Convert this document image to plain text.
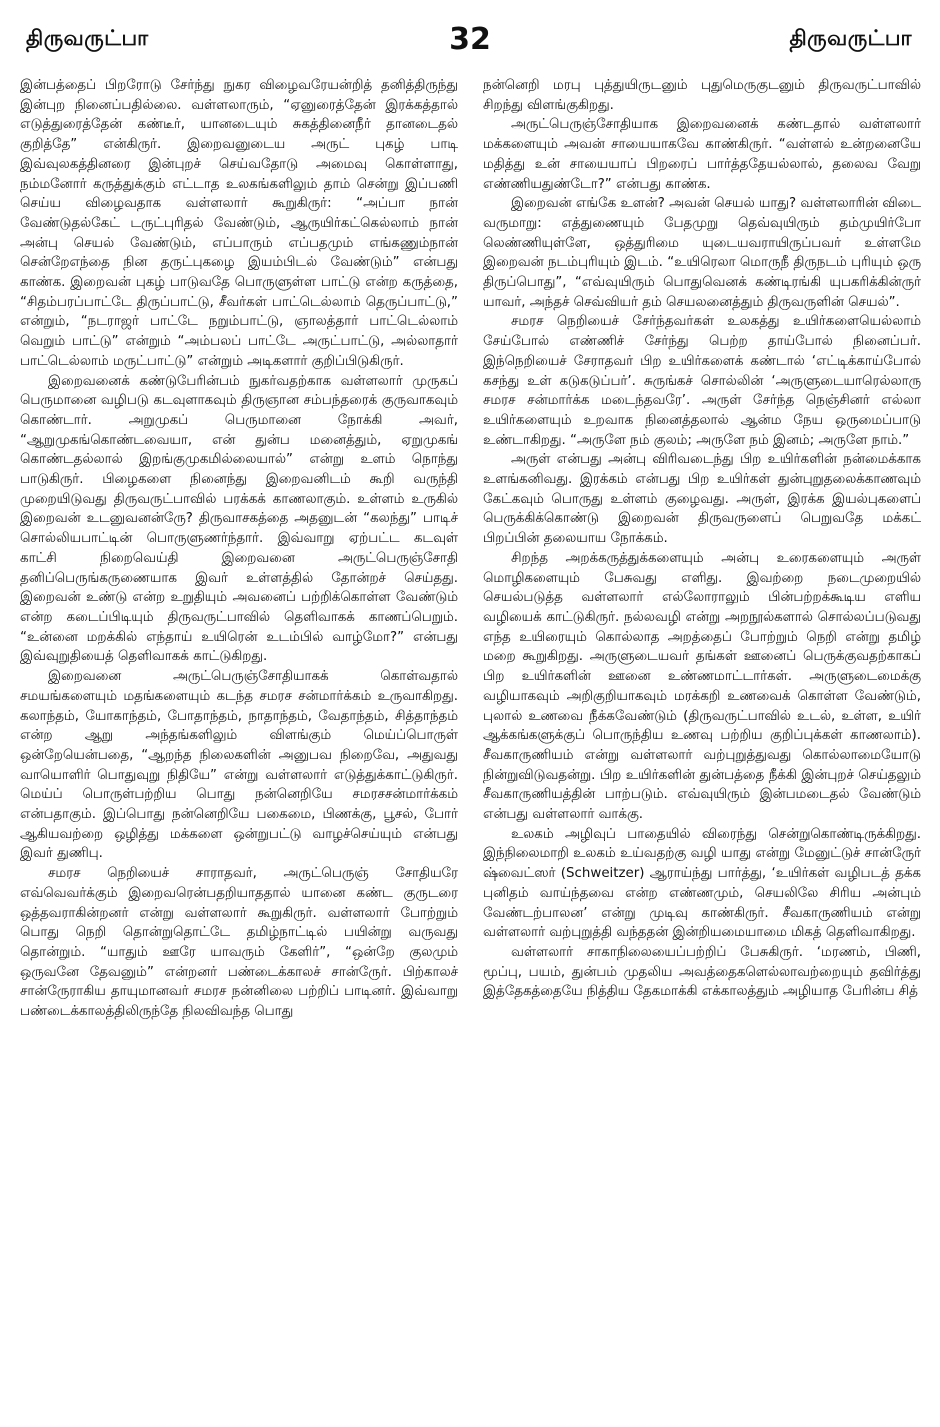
திருவருட்பா	32	திருவருட்பா

இன்பத்தைப் பிறரோடு சேர்ந்து நுகர விழைவரேயன்றித் தனித்திருந்து இன்புற நினைப்பதில்லை. வள்ளலாரும், “ஏனுரைத்தேன் இரக்கத்தால் எடுத்துரைத்தேன் கண்டீர், யானடையும் சுகத்தினைநீர் தானடைதல் குறித்தே” என்கிருர். இறைவனுடைய அருட் புகழ் பாடி இவ்வுலகத்தினரை இன்புறச் செய்வதோடு அமைவு கொள்ளாது, நம்மனோர் கருத்துக்கும் எட்டாத உலகங்களிலும் தாம் சென்று இப்பணி செய்ய விழைவதாக வள்ளலார் கூறுகிருர்: “அப்பா நான் வேண்டுதல்கேட் டருட்புரிதல் வேண்டும், ஆருயிர்கட்கெல்லாம் நான் அன்பு செயல் வேண்டும், எப்பாரும் எப்பதமும் எங்கணும்நான் சென்றேஎந்தை நின தருட்புகழை இயம்பிடல் வேண்டும்” என்பது காண்க. இறைவன் புகழ் பாடுவதே பொருளுள்ள பாட்டு என்ற கருத்தை, “சிதம்பரப்பாட்டே திருப்பாட்டு, சீவர்கள் பாட்டெல்லாம் தெருப்பாட்டு,” என்றும், “நடராஜர் பாட்டே நறும்பாட்டு, ஞாலத்தார் பாட்டெல்லாம் வெறும் பாட்டு” என்றும் “அம்பலப் பாட்டே அருட்பாட்டு, அல்லாதார் பாட்டெல்லாம் மருட்பாட்டு” என்றும் அடிகளார் குறிப்பிடுகிருர்.

இறைவனைக் கண்டுபேரின்பம் நுகர்வதற்காக வள்ளலார் முருகப் பெருமானை வழிபடு கடவுளாகவும் திருஞான சம்பந்தரைக் குருவாகவும் கொண்டார். அறுமுகப் பெருமானை நோக்கி அவர், “ஆறுமுகங்கொண்டவையா, என் துன்ப மனைத்தும், ஏறுமுகங் கொண்டதல்லால் இறங்குமுகமில்லையால்” என்று உளம் நொந்து பாடுகிருர். பிழைகளை நினைந்து இறைவனிடம் கூறி வருந்தி முறையிடுவது திருவருட்பாவில் பரக்கக் காணலாகும். உள்ளம் உருகில் இறைவன் உடனுவனன்ருே? திருவாசகத்தை அதனுடன் “கலந்து” பாடிச் சொல்லியபாட்டின் பொருளுணர்ந்தார். இவ்வாறு ஏற்பட்ட கடவுள் காட்சி நிறைவெய்தி இறைவனை அருட்பெருஞ்சோதி தனிப்பெருங்கருணையாக இவர் உள்ளத்தில் தோன்றச் செய்தது. இறைவன் உண்டு என்ற உறுதியும் அவனைப் பற்றிக்கொள்ள வேண்டும் என்ற கடைப்பிடியும் திருவருட்பாவில் தெளிவாகக் காணப்பெறும். “உன்னை மறக்கில் எந்தாய் உயிரென் உடம்பில் வாழ்மோ?” என்பது இவ்வுறுதியைத் தெளிவாகக் காட்டுகிறது.

இறைவனை அருட்பெருஞ்சோதியாகக் கொள்வதால் சமயங்களையும் மதங்களையும் கடந்த சமரச சன்மார்க்கம் உருவாகிறது. கலாந்தம், யோகாந்தம், போதாந்தம், நாதாந்தம், வேதாந்தம், சித்தாந்தம் என்ற ஆறு அந்தங்களிலும் விளங்கும் மெய்ப்பொருள் ஒன்றேயென்பதை, “ஆறந்த நிலைகளின் அனுபவ நிறைவே, அதுவது வாயொளிர் பொதுவுறு நிதியே” என்று வள்ளலார் எடுத்துக்காட்டுகிருர். மெய்ப் பொருள்பற்றிய பொது நன்னெறியே சமரசசன்மார்க்கம் என்பதாகும். இப்பொது நன்னெறியே பகைமை, பிணக்கு, பூசல், போர் ஆகியவற்றை ஒழித்து மக்களை ஒன்றுபட்டு வாழச்செய்யும் என்பது இவர் துணிபு.

சமரச நெறியைச் சாராதவர், அருட்பெருஞ் சோதியரே எவ்வெவர்க்கும் இறைவரென்பதறியாததால் யானை கண்ட குருடரை ஒத்தவராகின்றனர் என்று வள்ளலார் கூறுகிருர். வள்ளலார் போற்றும் பொது நெறி தொன்றுதொட்டே தமிழ்நாட்டில் பயின்று வருவது தொன்றும். “யாதும் ஊரே யாவரும் கேளிர்”, “ஒன்றே குலமும் ஒருவனே தேவனும்” என்றனர் பண்டைக்காலச் சான்ருேர். பிற்காலச் சான்ருேராகிய தாயுமானவர் சமரச நன்னிலை பற்றிப் பாடினர். இவ்வாறு பண்டைக்காலத்திலிருந்தே நிலவிவந்த பொது

நன்னெறி மரபு புத்துயிருடனும் புதுமெருகுடனும் திருவருட்பாவில் சிறந்து விளங்குகிறது.

அருட்பெருஞ்சோதியாக இறைவனைக் கண்டதால் வள்ளலார் மக்களையும் அவன் சாயையாகவே காண்கிருர். “வள்ளல் உன்றனையே மதித்து உன் சாயையாப் பிறரைப் பார்த்ததேயல்லால், தலைவ வேறு எண்ணியதுண்டோ?” என்பது காண்க.

இறைவன் எங்கே உளன்? அவன் செயல் யாது? வள்ளலாரின் விடை வருமாறு: எத்துணையும் பேதமுறு தெவ்வுயிரும் தம்முயிர்போ லெண்ணியுள்ளே, ஒத்துரிமை யுடையவராயிருப்பவர் உள்ளமே இறைவன் நடம்புரியும் இடம். “உயிரெலா மொருநீ திருநடம் புரியும் ஒரு திருப்பொது”, “எவ்வுயிரும் பொதுவெனக் கண்டிரங்கி யுபகரிக்கின்ருர் யாவர், அந்தச் செவ்வியர் தம் செயலனைத்தும் திருவருளின் செயல்”.

சமரச நெறியைச் சேர்ந்தவர்கள் உலகத்து உயிர்களையெல்லாம் சேய்போல் எண்ணிச் சேர்ந்து பெற்ற தாய்போல் நினைப்பர். இந்நெறியைச் சேராதவர் பிற உயிர்களைக் கண்டால் ‘எட்டிக்காய்போல் கசந்து உள் கடுகடுப்பர்’. சுருங்கச் சொல்லின் ‘அருளுடையாரெல்லாரு சமரச சன்மார்க்க மடைந்தவரே’. அருள் சேர்ந்த நெஞ்சினர் எல்லா உயிர்களையும் உறவாக நினைத்தலால் ஆன்ம நேய ஒருமைப்பாடு உண்டாகிறது. “அருளே நம் குலம்; அருளே நம் இனம்; அருளே நாம்.”

அருள் என்பது அன்பு விரிவடைந்து பிற உயிர்களின் நன்மைக்காக உளங்கனிவது. இரக்கம் என்பது பிற உயிர்கள் துன்புறுதலைக்காணவும் கேட்கவும் பொருது உள்ளம் குழைவது. அருள், இரக்க இயல்புகளைப் பெருக்கிக்கொண்டு இறைவன் திருவருளைப் பெறுவதே மக்கட் பிறப்பின் தலையாய நோக்கம்.

சிறந்த அறக்கருத்துக்களையும் அன்பு உரைகளையும் அருள் மொழிகளையும் பேசுவது எளிது. இவற்றை நடைமுறையில் செயல்படுத்த வள்ளலார் எல்லோராலும் பின்பற்றக்கூடிய எளிய வழியைக் காட்டுகிருர். நல்லவழி என்று அறநூல்களால் சொல்லப்படுவது எந்த உயிரையும் கொல்லாத அறத்தைப் போற்றும் நெறி என்று தமிழ் மறை கூறுகிறது. அருளுடையவர் தங்கள் ஊனைப் பெருக்குவதற்காகப் பிற உயிர்களின் ஊனை உண்ணமாட்டார்கள். அருளுடைமைக்கு வழியாகவும் அறிகுறியாகவும் மரக்கறி உணவைக் கொள்ள வேண்டும், புலால் உணவை நீக்கவேண்டும் (திருவருட்பாவில் உடல், உள்ள, உயிர் ஆக்கங்களுக்குப் பொருந்திய உணவு பற்றிய குறிப்புக்கள் காணலாம்). சீவகாருணியம் என்று வள்ளலார் வற்புறுத்துவது கொல்லாமையோடு நின்றுவிடுவதன்று. பிற உயிர்களின் துன்பத்தை நீக்கி இன்புறச் செய்தலும் சீவகாருணியத்தின் பாற்படும். எவ்வுயிரும் இன்பமடைதல் வேண்டும் என்பது வள்ளலார் வாக்கு.

உலகம் அழிவுப் பாதையில் விரைந்து சென்றுகொண்டிருக்கிறது. இந்நிலைமாறி உலகம் உய்வதற்கு வழி யாது என்று மேனுட்டுச் சான்ருேர் ஷ்வைட்ஸர் (Schweitzer) ஆராய்ந்து பார்த்து, ‘உயிர்கள் வழிபடத் தக்க புனிதம் வாய்ந்தவை என்ற எண்ணமும், செயலிலே சிரிய அன்பும் வேண்டற்பாலன’ என்று முடிவு காண்கிருர். சீவகாருணியம் என்று வள்ளலார் வற்புறுத்தி வந்ததன் இன்றியமையாமை மிகத் தெளிவாகிறது.

வள்ளலார் சாகாநிலையைப்பற்றிப் பேசுகிருர். ‘மரணம், பிணி, மூப்பு, பயம், துன்பம் முதலிய அவத்தைகளெல்லாவற்றையும் தவிர்த்து இத்தேகத்தையே நித்திய தேகமாக்கி எக்காலத்தும் அழியாத பேரின்ப சித்
